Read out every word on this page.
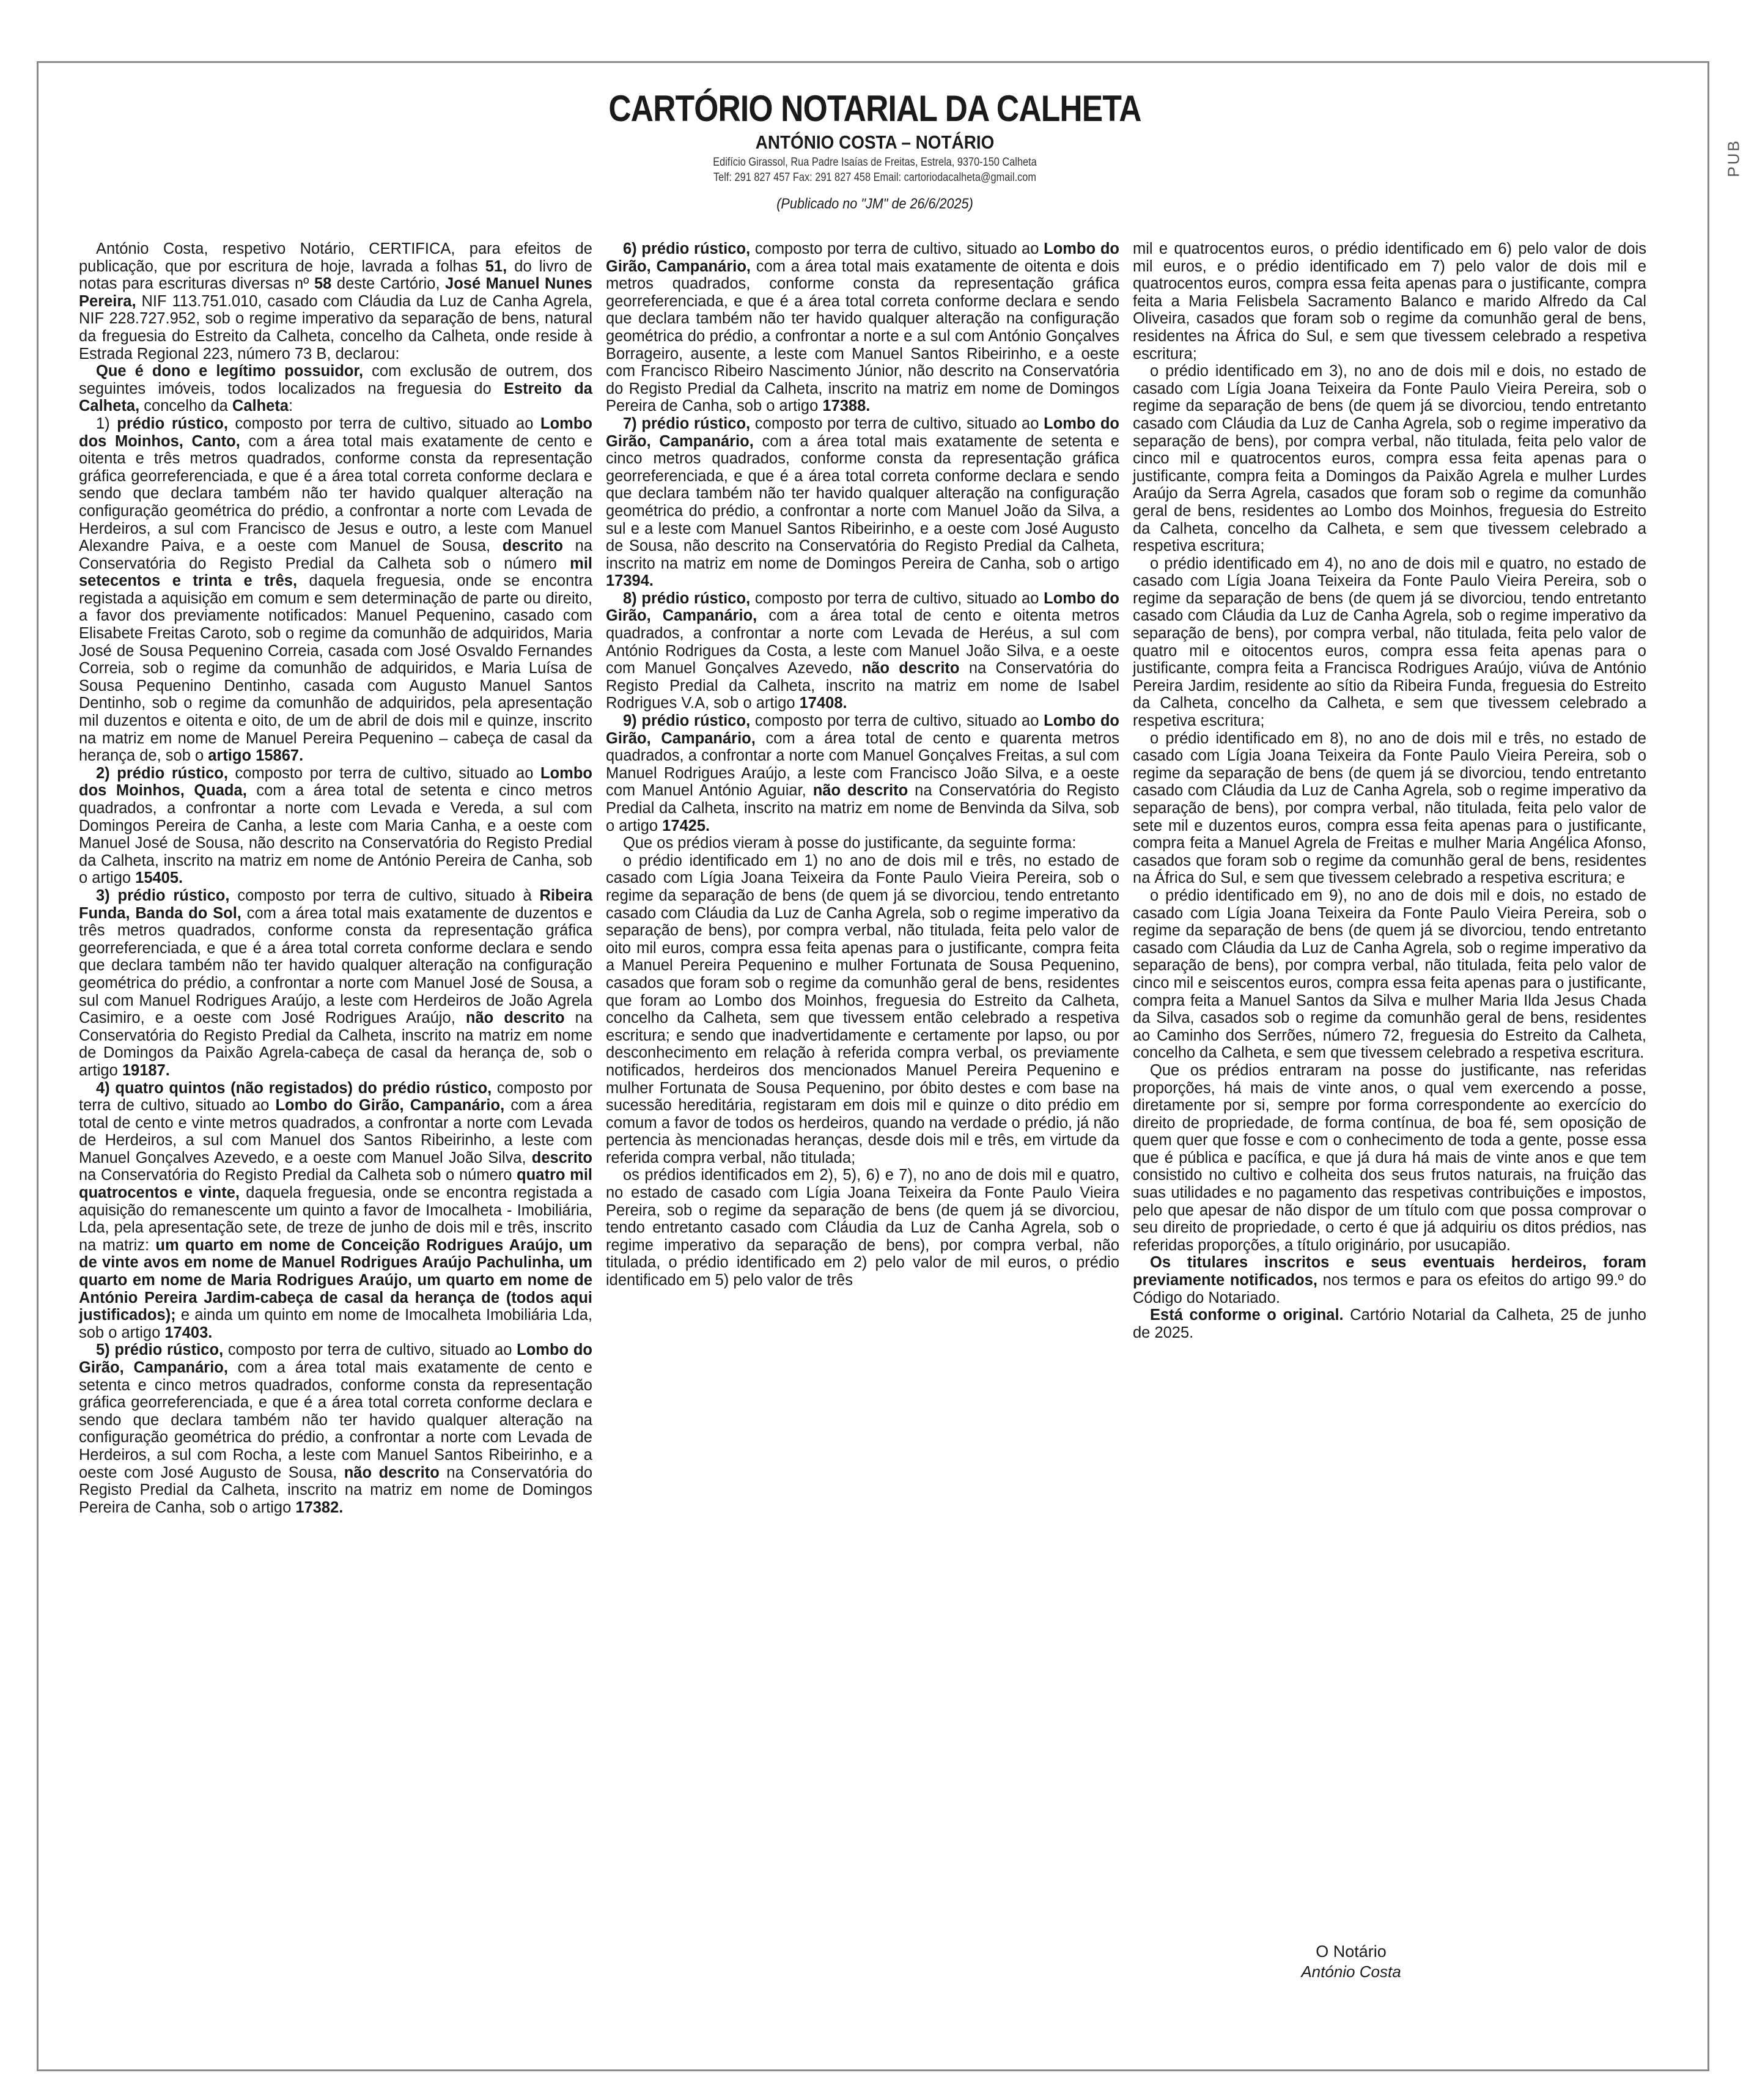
PUB
CARTÓRIO NOTARIAL DA CALHETA
ANTÓNIO COSTA – NOTÁRIO
Edifício Girassol, Rua Padre Isaías de Freitas, Estrela, 9370-150 Calheta
Telf: 291 827 457 Fax: 291 827 458 Email: cartoriodacalheta@gmail.com
(Publicado no "JM" de 26/6/2025)

António Costa, respetivo Notário, CERTIFICA, para efeitos de publicação, que por escritura de hoje, lavrada a folhas 51, do livro de notas para escrituras diversas nº 58 deste Cartório, José Manuel Nunes Pereira, NIF 113.751.010, casado com Cláudia da Luz de Canha Agrela, NIF 228.727.952, sob o regime imperativo da separação de bens, natural da freguesia do Estreito da Calheta, concelho da Calheta, onde reside à Estrada Regional 223, número 73 B, declarou:

Que é dono e legítimo possuidor, com exclusão de outrem, dos seguintes imóveis, todos localizados na freguesia do Estreito da Calheta, concelho da Calheta:

1) prédio rústico, composto por terra de cultivo, situado ao Lombo dos Moinhos, Canto, com a área total mais exatamente de cento e oitenta e três metros quadrados, conforme consta da representação gráfica georreferenciada, e que é a área total correta conforme declara e sendo que declara também não ter havido qualquer alteração na configuração geométrica do prédio, a confrontar a norte com Levada de Herdeiros, a sul com Francisco de Jesus e outro, a leste com Manuel Alexandre Paiva, e a oeste com Manuel de Sousa, descrito na Conservatória do Registo Predial da Calheta sob o número mil setecentos e trinta e três, daquela freguesia, onde se encontra registada a aquisição em comum e sem determinação de parte ou direito, a favor dos previamente notificados: Manuel Pequenino, casado com Elisabete Freitas Caroto, sob o regime da comunhão de adquiridos, Maria José de Sousa Pequenino Correia, casada com José Osvaldo Fernandes Correia, sob o regime da comunhão de adquiridos, e Maria Luísa de Sousa Pequenino Dentinho, casada com Augusto Manuel Santos Dentinho, sob o regime da comunhão de adquiridos, pela apresentação mil duzentos e oitenta e oito, de um de abril de dois mil e quinze, inscrito na matriz em nome de Manuel Pereira Pequenino – cabeça de casal da herança de, sob o artigo 15867.

2) prédio rústico, composto por terra de cultivo, situado ao Lombo dos Moinhos, Quada, com a área total de setenta e cinco metros quadrados, a confrontar a norte com Levada e Vereda, a sul com Domingos Pereira de Canha, a leste com Maria Canha, e a oeste com Manuel José de Sousa, não descrito na Conservatória do Registo Predial da Calheta, inscrito na matriz em nome de António Pereira de Canha, sob o artigo 15405.

3) prédio rústico, composto por terra de cultivo, situado à Ribeira Funda, Banda do Sol, com a área total mais exatamente de duzentos e três metros quadrados, conforme consta da representação gráfica georreferenciada, e que é a área total correta conforme declara e sendo que declara também não ter havido qualquer alteração na configuração geométrica do prédio, a confrontar a norte com Manuel José de Sousa, a sul com Manuel Rodrigues Araújo, a leste com Herdeiros de João Agrela Casimiro, e a oeste com José Rodrigues Araújo, não descrito na Conservatória do Registo Predial da Calheta, inscrito na matriz em nome de Domingos da Paixão Agrela-cabeça de casal da herança de, sob o artigo 19187.

4) quatro quintos (não registados) do prédio rústico, composto por terra de cultivo, situado ao Lombo do Girão, Campanário, com a área total de cento e vinte metros quadrados, a confrontar a norte com Levada de Herdeiros, a sul com Manuel dos Santos Ribeirinho, a leste com Manuel Gonçalves Azevedo, e a oeste com Manuel João Silva, descrito na Conservatória do Registo Predial da Calheta sob o número quatro mil quatrocentos e vinte, daquela freguesia, onde se encontra registada a aquisição do remanescente um quinto a favor de Imocalheta - Imobiliária, Lda, pela apresentação sete, de treze de junho de dois mil e três, inscrito na matriz: um quarto em nome de Conceição Rodrigues Araújo, um de vinte avos em nome de Manuel Rodrigues Araújo Pachulinha, um quarto em nome de Maria Rodrigues Araújo, um quarto em nome de António Pereira Jardim-cabeça de casal da herança de (todos aqui justificados); e ainda um quinto em nome de Imocalheta Imobiliária Lda, sob o artigo 17403.

5) prédio rústico, composto por terra de cultivo, situado ao Lombo do Girão, Campanário, com a área total mais exatamente de cento e setenta e cinco metros quadrados, conforme consta da representação gráfica georreferenciada, e que é a área total correta conforme declara e sendo que declara também não ter havido qualquer alteração na configuração geométrica do prédio, a confrontar a norte com Levada de Herdeiros, a sul com Rocha, a leste com Manuel Santos Ribeirinho, e a oeste com José Augusto de Sousa, não descrito na Conservatória do Registo Predial da Calheta, inscrito na matriz em nome de Domingos Pereira de Canha, sob o artigo 17382.

6) prédio rústico, composto por terra de cultivo, situado ao Lombo do Girão, Campanário, com a área total mais exatamente de oitenta e dois metros quadrados, conforme consta da representação gráfica georreferenciada, e que é a área total correta conforme declara e sendo que declara também não ter havido qualquer alteração na configuração geométrica do prédio, a confrontar a norte e a sul com António Gonçalves Borrageiro, ausente, a leste com Manuel Santos Ribeirinho, e a oeste com Francisco Ribeiro Nascimento Júnior, não descrito na Conservatória do Registo Predial da Calheta, inscrito na matriz em nome de Domingos Pereira de Canha, sob o artigo 17388.

7) prédio rústico, composto por terra de cultivo, situado ao Lombo do Girão, Campanário, com a área total mais exatamente de setenta e cinco metros quadrados, conforme consta da representação gráfica georreferenciada, e que é a área total correta conforme declara e sendo que declara também não ter havido qualquer alteração na configuração geométrica do prédio, a confrontar a norte com Manuel João da Silva, a sul e a leste com Manuel Santos Ribeirinho, e a oeste com José Augusto de Sousa, não descrito na Conservatória do Registo Predial da Calheta, inscrito na matriz em nome de Domingos Pereira de Canha, sob o artigo 17394.

8) prédio rústico, composto por terra de cultivo, situado ao Lombo do Girão, Campanário, com a área total de cento e oitenta metros quadrados, a confrontar a norte com Levada de Heréus, a sul com António Rodrigues da Costa, a leste com Manuel João Silva, e a oeste com Manuel Gonçalves Azevedo, não descrito na Conservatória do Registo Predial da Calheta, inscrito na matriz em nome de Isabel Rodrigues V.A, sob o artigo 17408.

9) prédio rústico, composto por terra de cultivo, situado ao Lombo do Girão, Campanário, com a área total de cento e quarenta metros quadrados, a confrontar a norte com Manuel Gonçalves Freitas, a sul com Manuel Rodrigues Araújo, a leste com Francisco João Silva, e a oeste com Manuel António Aguiar, não descrito na Conservatória do Registo Predial da Calheta, inscrito na matriz em nome de Benvinda da Silva, sob o artigo 17425.

Que os prédios vieram à posse do justificante, da seguinte forma:

o prédio identificado em 1) no ano de dois mil e três, no estado de casado com Lígia Joana Teixeira da Fonte Paulo Vieira Pereira, sob o regime da separação de bens (de quem já se divorciou, tendo entretanto casado com Cláudia da Luz de Canha Agrela, sob o regime imperativo da separação de bens), por compra verbal, não titulada, feita pelo valor de oito mil euros, compra essa feita apenas para o justificante, compra feita a Manuel Pereira Pequenino e mulher Fortunata de Sousa Pequenino, casados que foram sob o regime da comunhão geral de bens, residentes que foram ao Lombo dos Moinhos, freguesia do Estreito da Calheta, concelho da Calheta, sem que tivessem então celebrado a respetiva escritura; e sendo que inadvertidamente e certamente por lapso, ou por desconhecimento em relação à referida compra verbal, os previamente notificados, herdeiros dos mencionados Manuel Pereira Pequenino e mulher Fortunata de Sousa Pequenino, por óbito destes e com base na sucessão hereditária, registaram em dois mil e quinze o dito prédio em comum a favor de todos os herdeiros, quando na verdade o prédio, já não pertencia às mencionadas heranças, desde dois mil e três, em virtude da referida compra verbal, não titulada;

os prédios identificados em 2), 5), 6) e 7), no ano de dois mil e quatro, no estado de casado com Lígia Joana Teixeira da Fonte Paulo Vieira Pereira, sob o regime da separação de bens (de quem já se divorciou, tendo entretanto casado com Cláudia da Luz de Canha Agrela, sob o regime imperativo da separação de bens), por compra verbal, não titulada, o prédio identificado em 2) pelo valor de mil euros, o prédio identificado em 5) pelo valor de três

mil e quatrocentos euros, o prédio identificado em 6) pelo valor de dois mil euros, e o prédio identificado em 7) pelo valor de dois mil e quatrocentos euros, compra essa feita apenas para o justificante, compra feita a Maria Felisbela Sacramento Balanco e marido Alfredo da Cal Oliveira, casados que foram sob o regime da comunhão geral de bens, residentes na África do Sul, e sem que tivessem celebrado a respetiva escritura;

o prédio identificado em 3), no ano de dois mil e dois, no estado de casado com Lígia Joana Teixeira da Fonte Paulo Vieira Pereira, sob o regime da separação de bens (de quem já se divorciou, tendo entretanto casado com Cláudia da Luz de Canha Agrela, sob o regime imperativo da separação de bens), por compra verbal, não titulada, feita pelo valor de cinco mil e quatrocentos euros, compra essa feita apenas para o justificante, compra feita a Domingos da Paixão Agrela e mulher Lurdes Araújo da Serra Agrela, casados que foram sob o regime da comunhão geral de bens, residentes ao Lombo dos Moinhos, freguesia do Estreito da Calheta, concelho da Calheta, e sem que tivessem celebrado a respetiva escritura;

o prédio identificado em 4), no ano de dois mil e quatro, no estado de casado com Lígia Joana Teixeira da Fonte Paulo Vieira Pereira, sob o regime da separação de bens (de quem já se divorciou, tendo entretanto casado com Cláudia da Luz de Canha Agrela, sob o regime imperativo da separação de bens), por compra verbal, não titulada, feita pelo valor de quatro mil e oitocentos euros, compra essa feita apenas para o justificante, compra feita a Francisca Rodrigues Araújo, viúva de António Pereira Jardim, residente ao sítio da Ribeira Funda, freguesia do Estreito da Calheta, concelho da Calheta, e sem que tivessem celebrado a respetiva escritura;

o prédio identificado em 8), no ano de dois mil e três, no estado de casado com Lígia Joana Teixeira da Fonte Paulo Vieira Pereira, sob o regime da separação de bens (de quem já se divorciou, tendo entretanto casado com Cláudia da Luz de Canha Agrela, sob o regime imperativo da separação de bens), por compra verbal, não titulada, feita pelo valor de sete mil e duzentos euros, compra essa feita apenas para o justificante, compra feita a Manuel Agrela de Freitas e mulher Maria Angélica Afonso, casados que foram sob o regime da comunhão geral de bens, residentes na África do Sul, e sem que tivessem celebrado a respetiva escritura; e

o prédio identificado em 9), no ano de dois mil e dois, no estado de casado com Lígia Joana Teixeira da Fonte Paulo Vieira Pereira, sob o regime da separação de bens (de quem já se divorciou, tendo entretanto casado com Cláudia da Luz de Canha Agrela, sob o regime imperativo da separação de bens), por compra verbal, não titulada, feita pelo valor de cinco mil e seiscentos euros, compra essa feita apenas para o justificante, compra feita a Manuel Santos da Silva e mulher Maria Ilda Jesus Chada da Silva, casados sob o regime da comunhão geral de bens, residentes ao Caminho dos Serrões, número 72, freguesia do Estreito da Calheta, concelho da Calheta, e sem que tivessem celebrado a respetiva escritura.

Que os prédios entraram na posse do justificante, nas referidas proporções, há mais de vinte anos, o qual vem exercendo a posse, diretamente por si, sempre por forma correspondente ao exercício do direito de propriedade, de forma contínua, de boa fé, sem oposição de quem quer que fosse e com o conhecimento de toda a gente, posse essa que é pública e pacífica, e que já dura há mais de vinte anos e que tem consistido no cultivo e colheita dos seus frutos naturais, na fruição das suas utilidades e no pagamento das respetivas contribuições e impostos, pelo que apesar de não dispor de um título com que possa comprovar o seu direito de propriedade, o certo é que já adquiriu os ditos prédios, nas referidas proporções, a título originário, por usucapião.

Os titulares inscritos e seus eventuais herdeiros, foram previamente notificados, nos termos e para os efeitos do artigo 99.º do Código do Notariado.

Está conforme o original. Cartório Notarial da Calheta, 25 de junho de 2025.

O Notário
António Costa
